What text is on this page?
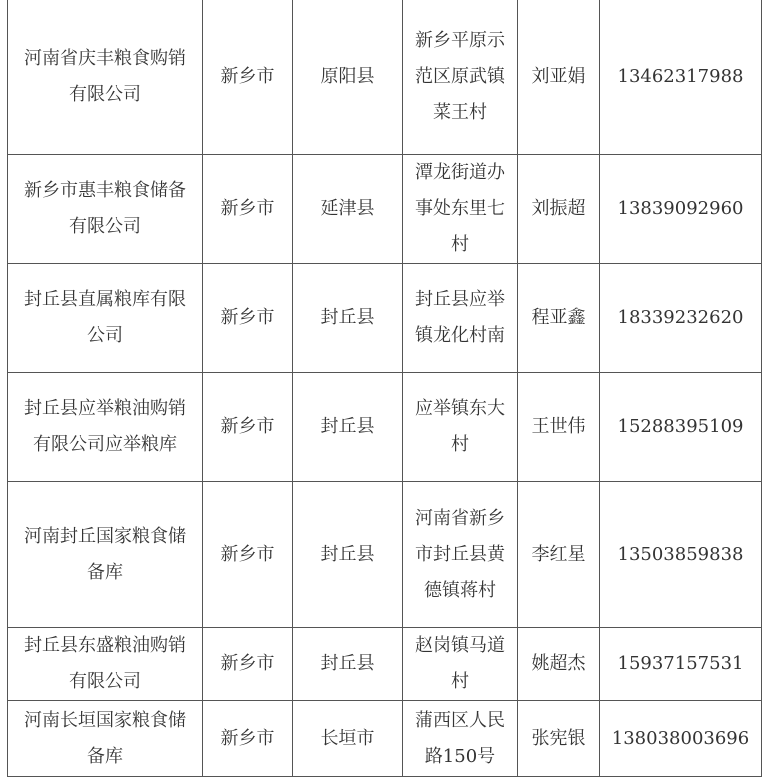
河南省庆丰粮食购销有限公司	新乡市	原阳县	新乡平原示范区原武镇菜王村	刘亚娟	13462317988
新乡市惠丰粮食储备有限公司	新乡市	延津县	潭龙街道办事处东里七村	刘振超	13839092960
封丘县直属粮库有限公司	新乡市	封丘县	封丘县应举镇龙化村南	程亚鑫	18339232620
封丘县应举粮油购销有限公司应举粮库	新乡市	封丘县	应举镇东大村	王世伟	15288395109
河南封丘国家粮食储备库	新乡市	封丘县	河南省新乡市封丘县黄德镇蒋村	李红星	13503859838
封丘县东盛粮油购销有限公司	新乡市	封丘县	赵岗镇马道村	姚超杰	15937157531
河南长垣国家粮食储备库	新乡市	长垣市	蒲西区人民路150号	张宪银	138038003696
